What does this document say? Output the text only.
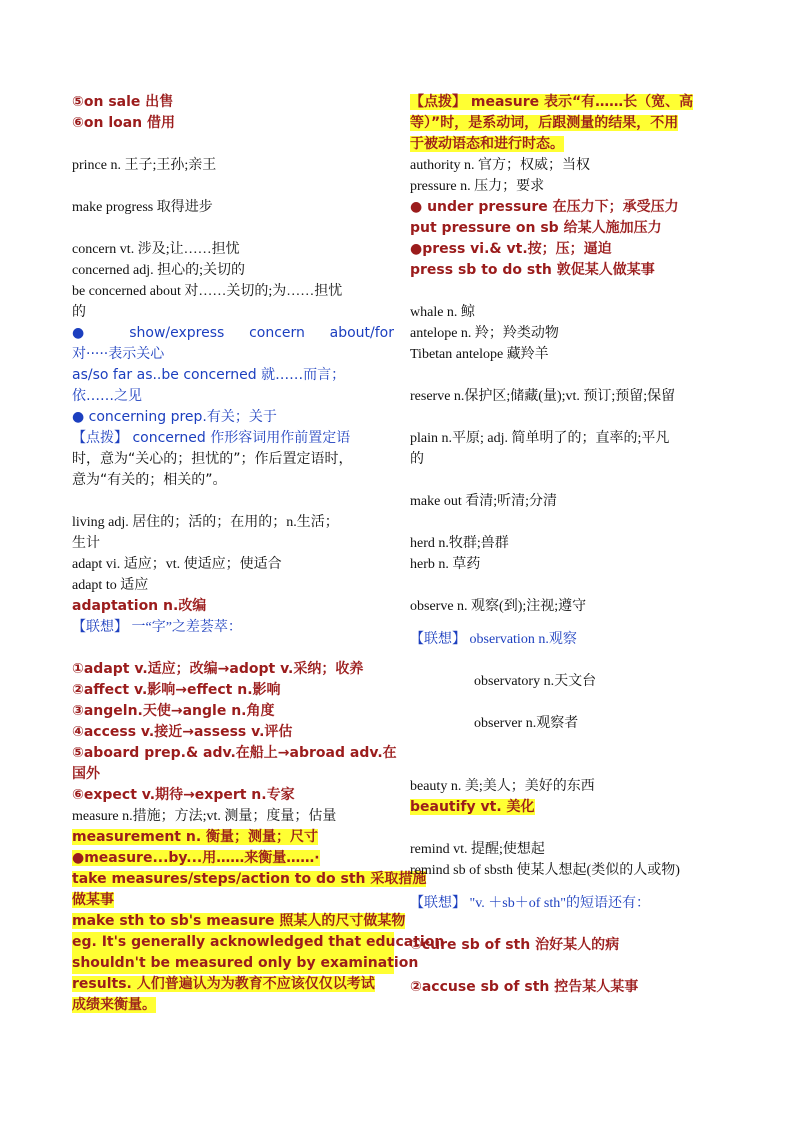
⑤on sale 出售
⑥on loan 借用
prince n. 王子;王孙;亲王
make progress 取得进步
concern vt. 涉及;让……担忧
concerned adj. 担心的;关切的
be concerned about 对……关切的;为……担忧
的
● show/express concern about/for
对·····表示关心
as/so far as..be concerned 就……而言；
依……之见
● concerning prep.有关；关于
【点拨】 concerned 作形容词用作前置定语
时，意为“关心的；担忧的”；作后置定语时，
意为“有关的；相关的”。
living adj. 居住的；活的；在用的；n.生活；
生计
adapt vi. 适应；vt. 使适应；使适合
adapt to 适应
adaptation n.改编
【联想】 一“字”之差荟萃：
①adapt v.适应；改编→adopt v.采纳；收养
②affect v.影响→effect n.影响
③angeln.天使→angle n.角度
④access v.接近→assess v.评估
⑤aboard prep.& adv.在船上→abroad adv.在
国外
⑥expect v.期待→expert n.专家
measure n.措施；方法;vt. 测量；度量；估量
measurement n. 衡量；测量；尺寸
●measure...by...用……来衡量……·
take measures/steps/action to do sth 采取措施
做某事
make sth to sb's measure 照某人的尺寸做某物
eg. It's generally acknowledged that education
shouldn't be measured only by examination
results. 人们普遍认为为教育不应该仅仅以考试
成绩来衡量。
【点拨】 measure 表示“有……长（宽、高
等）”时，是系动词，后跟测量的结果，不用
于被动语态和进行时态。
authority n. 官方；权威；当权
pressure n. 压力；要求
● under pressure 在压力下；承受压力
put pressure on sb 给某人施加压力
●press vi.& vt.按；压；逼迫
press sb to do sth 敦促某人做某事
whale n. 鲸
antelope n. 羚；羚类动物
Tibetan antelope 藏羚羊
reserve n.保护区;储藏(量);vt. 预订;预留;保留
plain n.平原; adj. 简单明了的；直率的;平凡
的
make out 看清;听清;分清
herd n.牧群;兽群
herb n. 草药
observe n. 观察(到);注视;遵守
【联想】 observation n.观察
observatory n.天文台
observer n.观察者
beauty n. 美;美人；美好的东西
beautify vt. 美化
remind vt. 提醒;使想起
remind sb of sbsth 使某人想起(类似的人或物)
【联想】 "v. ＋sb＋of sth"的短语还有：
①cure sb of sth 治好某人的病
②accuse sb of sth 控告某人某事
